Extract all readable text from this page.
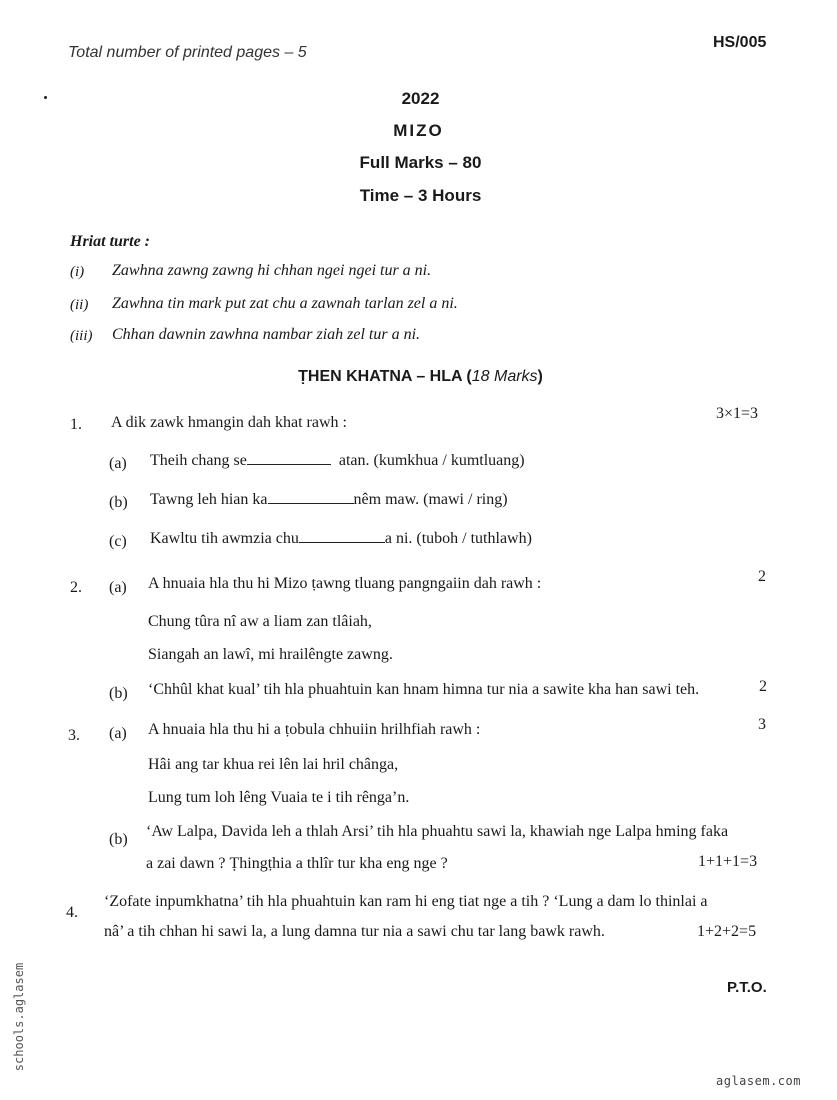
Total number of printed pages – 5
HS/005
2022
MIZO
Full Marks – 80
Time – 3 Hours
Hriat turte :
(i) Zawhna zawng zawng hi chhan ngei ngei tur a ni.
(ii) Zawhna tin mark put zat chu a zawnah tarlan zel a ni.
(iii) Chhan dawnin zawhna nambar ziah zel tur a ni.
ṬHEN KHATNA – HLA (18 Marks)
1. A dik zawk hmangin dah khat rawh :
3×1=3
(a) Theih chang se	atan. (kumkhua / kumtluang)
(b) Tawng leh hian ka	nêm maw. (mawi / ring)
(c) Kawltu tih awmzia chu	a ni. (tuboh / tuthlawh)
2. (a) A hnuaia hla thu hi Mizo ṭawng tluang pangngaiin dah rawh :	2
Chung tûra nî aw a liam zan tlâiah,
Siangah an lawî, mi hrailêngte zawng.
(b) ‘Chhûl khat kual’ tih hla phuahtuin kan hnam himna tur nia a sawite kha han sawi teh.	2
3. (a) A hnuaia hla thu hi a ṭobula chhuiin hrilhfiah rawh :	3
Hâi ang tar khua rei lên lai hril chânga,
Lung tum loh lêng Vuaia te i tih rênga’n.
(b) ‘Aw Lalpa, Davida leh a thlah Arsi’ tih hla phuahtu sawi la, khawiah nge Lalpa hming faka
a zai dawn ? Ṭhingṭhia a thlîr tur kha eng nge ?	1+1+1=3
4.
‘Zofate inpumkhatna’ tih hla phuahtuin kan ram hi eng tiat nge a tih ? ‘Lung a dam lo thinlai a
nâ’ a tih chhan hi sawi la, a lung damna tur nia a sawi chu tar lang bawk rawh.	1+2+2=5
P.T.O.
schools.aglasem
aglasem.com
